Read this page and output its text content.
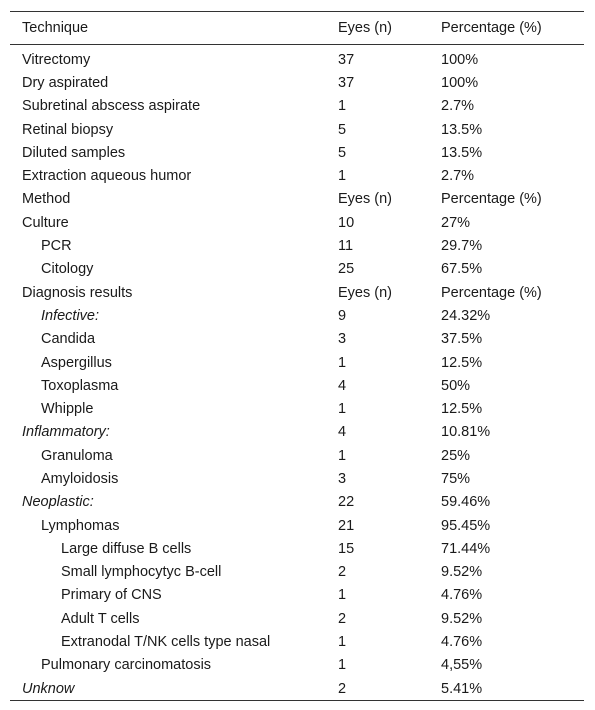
Technique	Eyes (n)	Percentage (%)
Vitrectomy	37	100%
Dry aspirated	37	100%
Subretinal abscess aspirate	1	2.7%
Retinal biopsy	5	13.5%
Diluted samples	5	13.5%
Extraction aqueous humor	1	2.7%
Method	Eyes (n)	Percentage (%)
Culture	10	27%
PCR	11	29.7%
Citology	25	67.5%
Diagnosis results	Eyes (n)	Percentage (%)
Infective:	9	24.32%
Candida	3	37.5%
Aspergillus	1	12.5%
Toxoplasma	4	50%
Whipple	1	12.5%
Inflammatory:	4	10.81%
Granuloma	1	25%
Amyloidosis	3	75%
Neoplastic:	22	59.46%
Lymphomas	21	95.45%
Large diffuse B cells	15	71.44%
Small lymphocytyc B-cell	2	9.52%
Primary of CNS	1	4.76%
Adult T cells	2	9.52%
Extranodal T/NK cells type nasal	1	4.76%
Pulmonary carcinomatosis	1	4,55%
Unknow	2	5.41%
